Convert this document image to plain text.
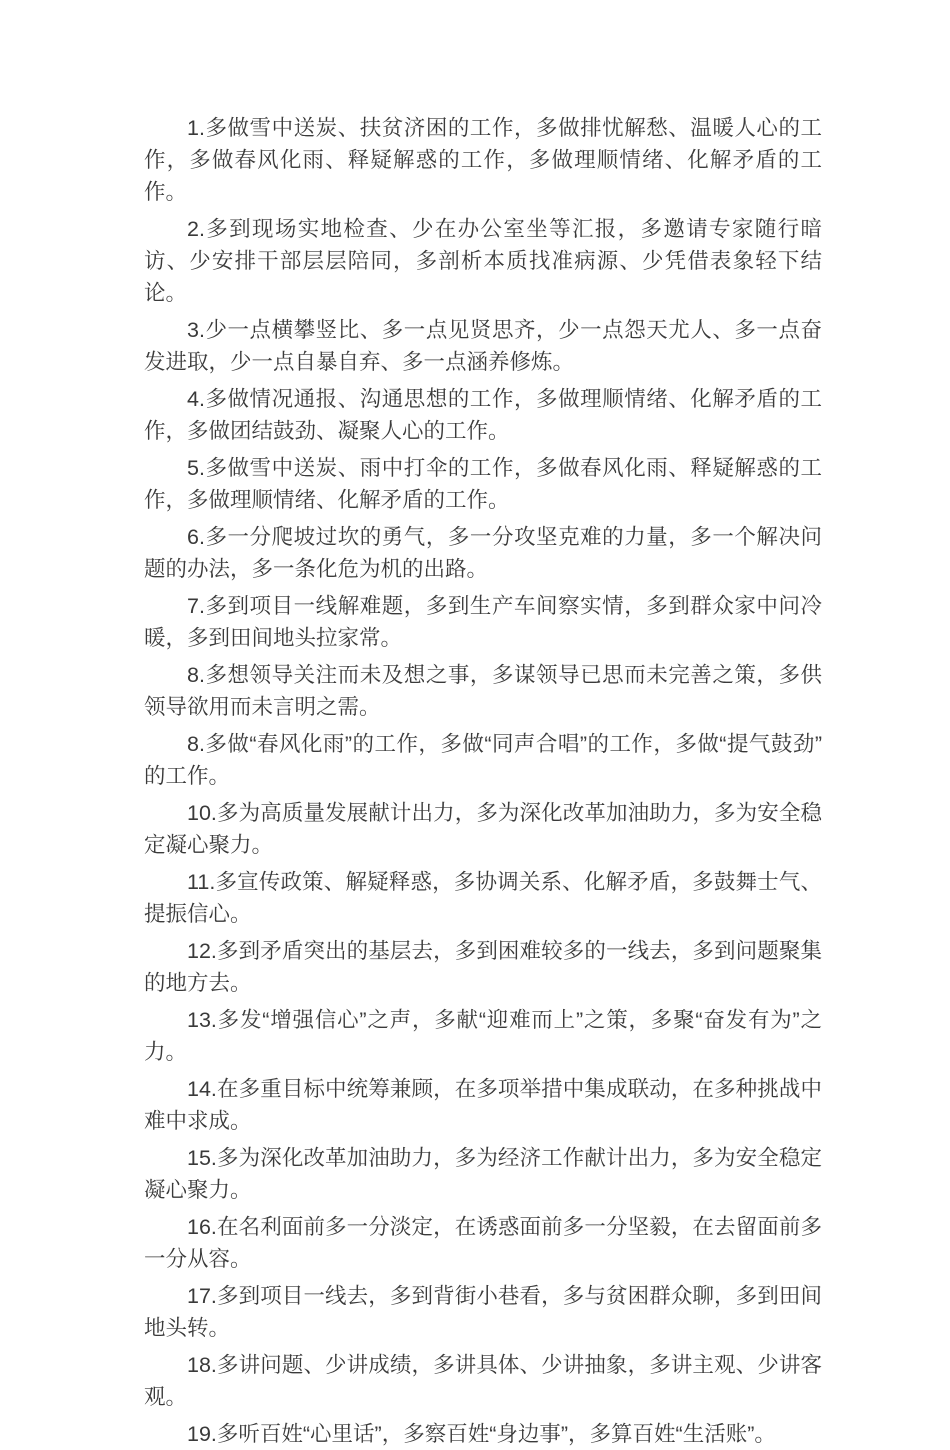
1.多做雪中送炭、扶贫济困的工作，多做排忧解愁、温暖人心的工作，多做春风化雨、释疑解惑的工作，多做理顺情绪、化解矛盾的工作。

2.多到现场实地检查、少在办公室坐等汇报，多邀请专家随行暗访、少安排干部层层陪同，多剖析本质找准病源、少凭借表象轻下结论。

3.少一点横攀竖比、多一点见贤思齐，少一点怨天尤人、多一点奋发进取，少一点自暴自弃、多一点涵养修炼。

4.多做情况通报、沟通思想的工作，多做理顺情绪、化解矛盾的工作，多做团结鼓劲、凝聚人心的工作。

5.多做雪中送炭、雨中打伞的工作，多做春风化雨、释疑解惑的工作，多做理顺情绪、化解矛盾的工作。

6.多一分爬坡过坎的勇气，多一分攻坚克难的力量，多一个解决问题的办法，多一条化危为机的出路。

7.多到项目一线解难题，多到生产车间察实情，多到群众家中问冷暖，多到田间地头拉家常。

8.多想领导关注而未及想之事，多谋领导已思而未完善之策，多供领导欲用而未言明之需。

8.多做“春风化雨”的工作，多做“同声合唱”的工作，多做“提气鼓劲”的工作。

10.多为高质量发展献计出力，多为深化改革加油助力，多为安全稳定凝心聚力。

11.多宣传政策、解疑释惑，多协调关系、化解矛盾，多鼓舞士气、提振信心。

12.多到矛盾突出的基层去，多到困难较多的一线去，多到问题聚集的地方去。

13.多发“增强信心”之声，多献“迎难而上”之策，多聚“奋发有为”之力。

14.在多重目标中统筹兼顾，在多项举措中集成联动，在多种挑战中难中求成。

15.多为深化改革加油助力，多为经济工作献计出力，多为安全稳定凝心聚力。

16.在名利面前多一分淡定，在诱惑面前多一分坚毅，在去留面前多一分从容。

17.多到项目一线去，多到背街小巷看，多与贫困群众聊，多到田间地头转。

18.多讲问题、少讲成绩，多讲具体、少讲抽象，多讲主观、少讲客观。

19.多听百姓“心里话”，多察百姓“身边事”，多算百姓“生活账”。
